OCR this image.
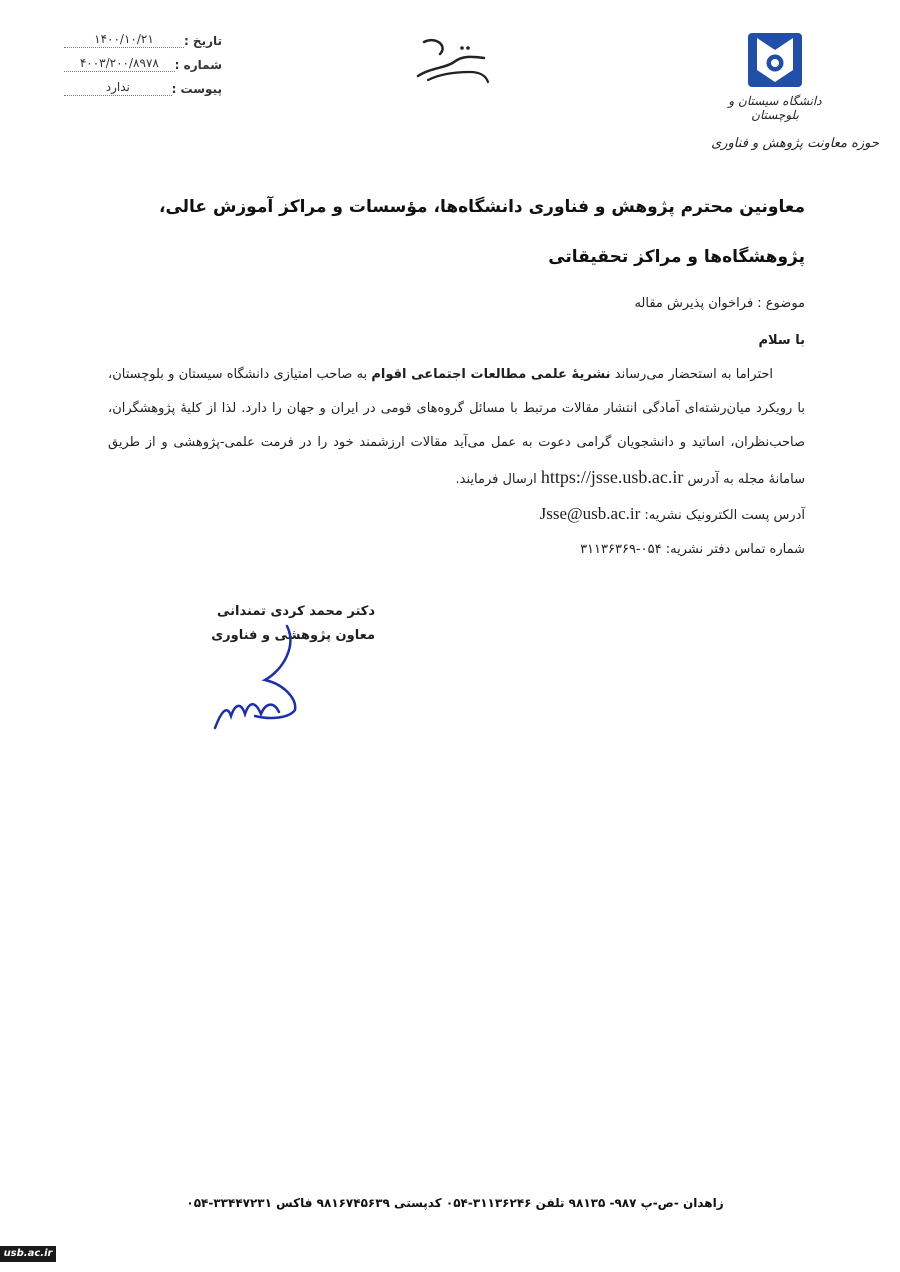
تاریخ :
۱۴۰۰/۱۰/۲۱
شماره :
۴۰۰۳/۲۰۰/۸۹۷۸
پیوست :
ندارد
دانشگاه سیستان و بلوچستان
حوزه معاونت پژوهش و فناوری

معاونین محترم پژوهش و فناوری دانشگاه‌ها، مؤسسات و مراکز آموزش عالی، پژوهشگاه‌ها و مراکز تحقیقاتی

موضوع : فراخوان پذیرش مقاله
با سلام
احتراما به استحضار می‌رساند نشریۀ علمی مطالعات اجتماعی اقوام به صاحب امتیازی دانشگاه سیستان و بلوچستان، با رویکرد میان‌رشته‌ای آمادگی انتشار مقالات مرتبط با مسائل گروه‌های قومی در ایران و جهان را دارد. لذا از کلیۀ پژوهشگران، صاحب‌نظران، اساتید و دانشجویان گرامی دعوت به عمل می‌آید مقالات ارزشمند خود را در فرمت علمی-پژوهشی و از طریق سامانۀ مجله به آدرس https://jsse.usb.ac.ir ارسال فرمایند.
آدرس پست الکترونیک نشریه: Jsse@usb.ac.ir
شماره تماس دفتر نشریه: ۰۵۴-۳۱۱۳۶۳۶۹
دکتر محمد کردی تمندانی
معاون پژوهشی و فناوری
زاهدان -ص-پ ۹۸۷- ۹۸۱۳۵ تلفن ۳۱۱۳۶۲۴۶-۰۵۴ کدپستی ۹۸۱۶۷۴۵۶۳۹ فاکس ۳۳۴۴۷۲۳۱-۰۵۴
usb.ac.ir
